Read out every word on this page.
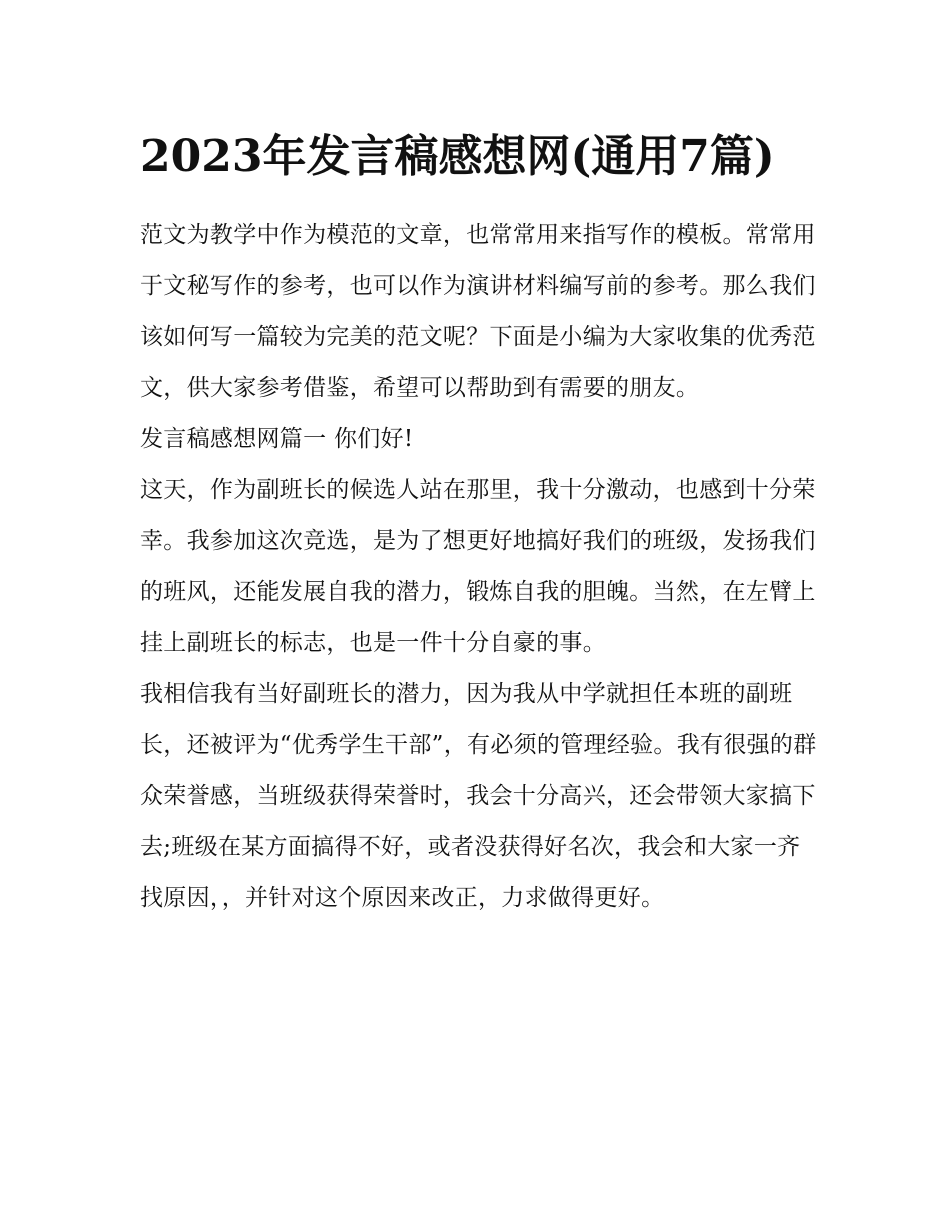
2023年发言稿感想网(通用7篇)

范文为教学中作为模范的文章，也常常用来指写作的模板。常常用于文秘写作的参考，也可以作为演讲材料编写前的参考。那么我们该如何写一篇较为完美的范文呢？下面是小编为大家收集的优秀范文，供大家参考借鉴，希望可以帮助到有需要的朋友。

发言稿感想网篇一 你们好!

这天，作为副班长的候选人站在那里，我十分激动，也感到十分荣幸。我参加这次竞选，是为了想更好地搞好我们的班级，发扬我们的班风，还能发展自我的潜力，锻炼自我的胆魄。当然，在左臂上挂上副班长的标志，也是一件十分自豪的事。

我相信我有当好副班长的潜力，因为我从中学就担任本班的副班长，还被评为“优秀学生干部”，有必须的管理经验。我有很强的群众荣誉感，当班级获得荣誉时，我会十分高兴，还会带领大家搞下去;班级在某方面搞得不好，或者没获得好名次，我会和大家一齐找原因，，并针对这个原因来改正，力求做得更好。
